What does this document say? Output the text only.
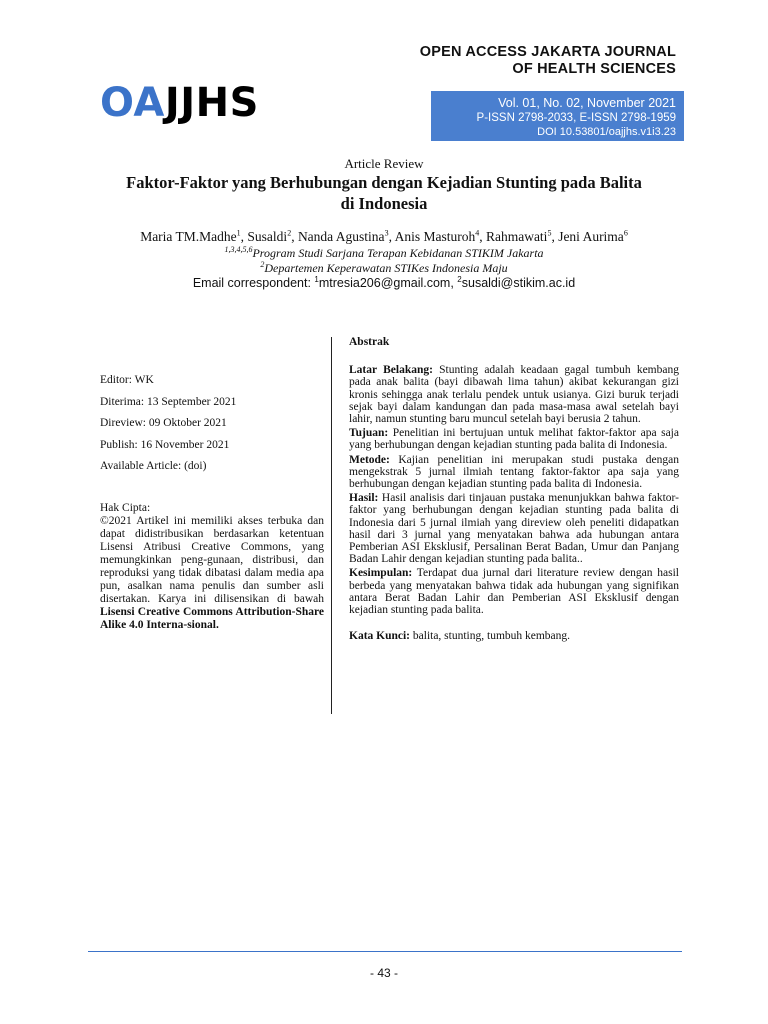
OPEN ACCESS JAKARTA JOURNAL
OF HEALTH SCIENCES
OAJJHS	Vol. 01, No. 02, November 2021
P-ISSN 2798-2033, E-ISSN 2798-1959
DOI 10.53801/oajjhs.v1i3.23
Article Review
Faktor-Faktor yang Berhubungan dengan Kejadian Stunting pada Balita
di Indonesia
Maria TM.Madhe$^1$, Susaldi$^2$, Nanda Agustina$^3$, Anis Masturoh$^4$, Rahmawati$^5$, Jeni Aurima$^6$
$^{1,3,4,5,6}$Program Studi Sarjana Terapan Kebidanan STIKIM Jakarta
$^2$Departemen Keperawatan STIKes Indonesia Maju
Email correspondent: $^1$mtresia206@gmail.com, $^2$susaldi@stikim.ac.id
Editor: WK
Diterima: 13 September 2021
Direview: 09 Oktober 2021
Publish: 16 November 2021
Available Article: (doi)
Hak Cipta:
©2021 Artikel ini memiliki akses terbuka dan dapat didistribusikan berdasarkan ketentuan Lisensi Atribusi Creative Commons, yang memungkinkan peng-gunaan, distribusi, dan reproduksi yang tidak dibatasi dalam media apa pun, asalkan nama penulis dan sumber asli disertakan. Karya ini dilisensikan di bawah Lisensi Creative Commons Attribution-Share Alike 4.0 Interna-sional.

Abstrak

Latar Belakang: Stunting adalah keadaan gagal tumbuh kembang pada anak balita (bayi dibawah lima tahun) akibat kekurangan gizi kronis sehingga anak terlalu pendek untuk usianya. Gizi buruk terjadi sejak bayi dalam kandungan dan pada masa-masa awal setelah bayi lahir, namun stunting baru muncul setelah bayi berusia 2 tahun.

Tujuan: Penelitian ini bertujuan untuk melihat faktor-faktor apa saja yang berhubungan dengan kejadian stunting pada balita di Indonesia.

Metode: Kajian penelitian ini merupakan studi pustaka dengan mengekstrak 5 jurnal ilmiah tentang faktor-faktor apa saja yang berhubungan dengan kejadian stunting pada balita di Indonesia.

Hasil: Hasil analisis dari tinjauan pustaka menunjukkan bahwa faktor-faktor yang berhubungan dengan kejadian stunting pada balita di Indonesia dari 5 jurnal ilmiah yang direview oleh peneliti didapatkan hasil dari 3 jurnal yang menyatakan bahwa ada hubungan antara Pemberian ASI Eksklusif, Persalinan Berat Badan, Umur dan Panjang Badan Lahir dengan kejadian stunting pada balita..

Kesimpulan: Terdapat dua jurnal dari literature review dengan hasil berbeda yang menyatakan bahwa tidak ada hubungan yang signifikan antara Berat Badan Lahir dan Pemberian ASI Eksklusif dengan kejadian stunting pada balita.

Kata Kunci: balita, stunting, tumbuh kembang.

- 43 -
